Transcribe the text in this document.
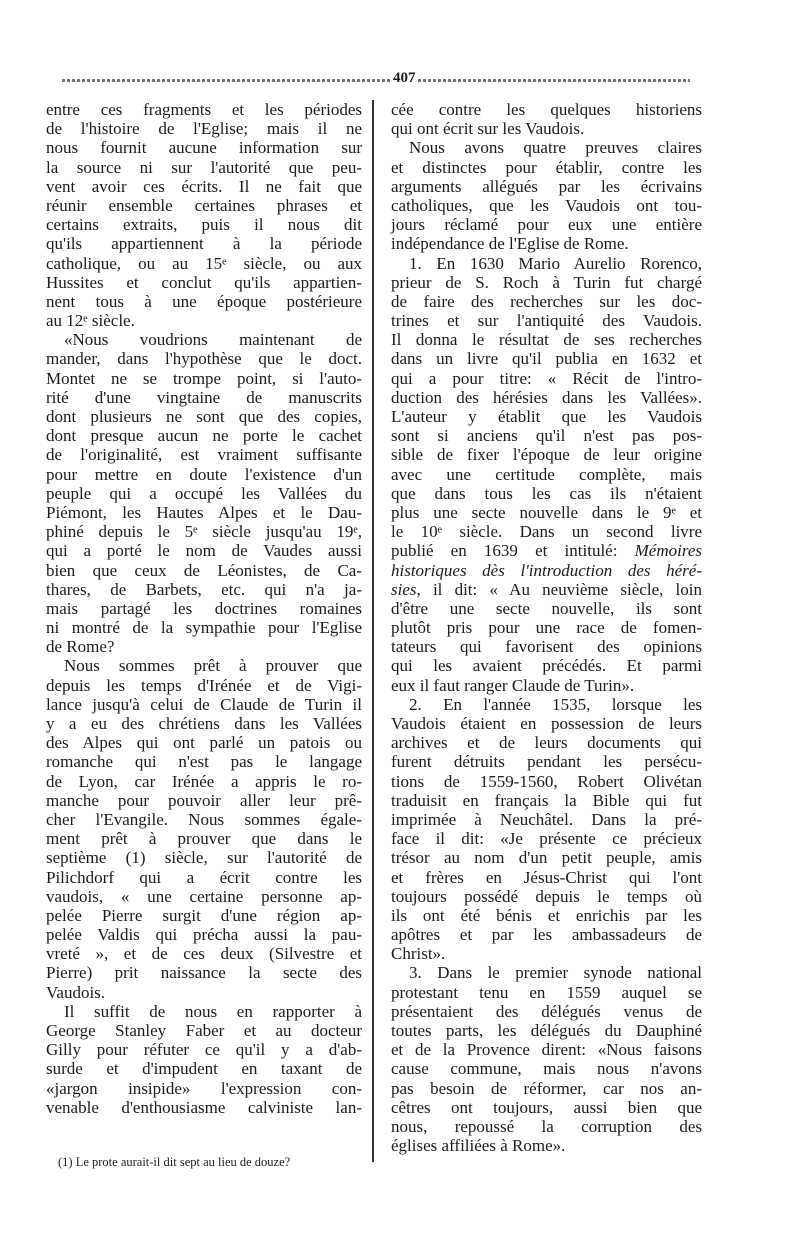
407
entre ces fragments et les périodes
de l'histoire de l'Eglise; mais il ne
nous fournit aucune information sur
la source ni sur l'autorité que peu-
vent avoir ces écrits. Il ne fait que
réunir ensemble certaines phrases et
certains extraits, puis il nous dit
qu'ils appartiennent à la période
catholique, ou au 15ᵉ siècle, ou aux
Hussites et conclut qu'ils appartien-
nent tous à une époque postérieure
au 12ᵉ siècle.
«Nous voudrions maintenant de
mander, dans l'hypothèse que le doct.
Montet ne se trompe point, si l'auto-
rité d'une vingtaine de manuscrits
dont plusieurs ne sont que des copies,
dont presque aucun ne porte le cachet
de l'originalité, est vraiment suffisante
pour mettre en doute l'existence d'un
peuple qui a occupé les Vallées du
Piémont, les Hautes Alpes et le Dau-
phiné depuis le 5ᵉ siècle jusqu'au 19ᵉ,
qui a porté le nom de Vaudes aussi
bien que ceux de Léonistes, de Ca-
thares, de Barbets, etc. qui n'a ja-
mais partagé les doctrines romaines
ni montré de la sympathie pour l'Eglise
de Rome?
Nous sommes prêt à prouver que
depuis les temps d'Irénée et de Vigi-
lance jusqu'à celui de Claude de Turin il
y a eu des chrétiens dans les Vallées
des Alpes qui ont parlé un patois ou
romanche qui n'est pas le langage
de Lyon, car Irénée a appris le ro-
manche pour pouvoir aller leur prê-
cher l'Evangile. Nous sommes égale-
ment prêt à prouver que dans le
septième (1) siècle, sur l'autorité de
Pilichdorf qui a écrit contre les
vaudois, « une certaine personne ap-
pelée Pierre surgit d'une région ap-
pelée Valdis qui précha aussi la pau-
vreté », et de ces deux (Silvestre et
Pierre) prit naissance la secte des
Vaudois.
Il suffit de nous en rapporter à
George Stanley Faber et au docteur
Gilly pour réfuter ce qu'il y a d'ab-
surde et d'impudent en taxant de
«jargon insipide» l'expression con-
venable d'enthousiasme calviniste lan-
cée contre les quelques historiens
qui ont écrit sur les Vaudois.
Nous avons quatre preuves claires
et distinctes pour établir, contre les
arguments allégués par les écrivains
catholiques, que les Vaudois ont tou-
jours réclamé pour eux une entière
indépendance de l'Eglise de Rome.
1. En 1630 Mario Aurelio Rorenco,
prieur de S. Roch à Turin fut chargé
de faire des recherches sur les doc-
trines et sur l'antiquité des Vaudois.
Il donna le résultat de ses recherches
dans un livre qu'il publia en 1632 et
qui a pour titre: « Récit de l'intro-
duction des hérésies dans les Vallées».
L'auteur y établit que les Vaudois
sont si anciens qu'il n'est pas pos-
sible de fixer l'époque de leur origine
avec une certitude complète, mais
que dans tous les cas ils n'étaient
plus une secte nouvelle dans le 9ᵉ et
le 10ᵉ siècle. Dans un second livre
publié en 1639 et intitulé: Mémoires
historiques dès l'introduction des héré-
sies, il dit: « Au neuvième siècle, loin
d'être une secte nouvelle, ils sont
plutôt pris pour une race de fomen-
tateurs qui favorisent des opinions
qui les avaient précédés. Et parmi
eux il faut ranger Claude de Turin».
2. En l'année 1535, lorsque les
Vaudois étaient en possession de leurs
archives et de leurs documents qui
furent détruits pendant les persécu-
tions de 1559-1560, Robert Olivétan
traduisit en français la Bible qui fut
imprimée à Neuchâtel. Dans la pré-
face il dit: «Je présente ce précieux
trésor au nom d'un petit peuple, amis
et frères en Jésus-Christ qui l'ont
toujours possédé depuis le temps où
ils ont été bénis et enrichis par les
apôtres et par les ambassadeurs de
Christ».
3. Dans le premier synode national
protestant tenu en 1559 auquel se
présentaient des délégués venus de
toutes parts, les délégués du Dauphiné
et de la Provence dirent: «Nous faisons
cause commune, mais nous n'avons
pas besoin de réformer, car nos an-
cêtres ont toujours, aussi bien que
nous, repoussé la corruption des
églises affiliées à Rome».
(1) Le prote aurait-il dit sept au lieu de douze?
